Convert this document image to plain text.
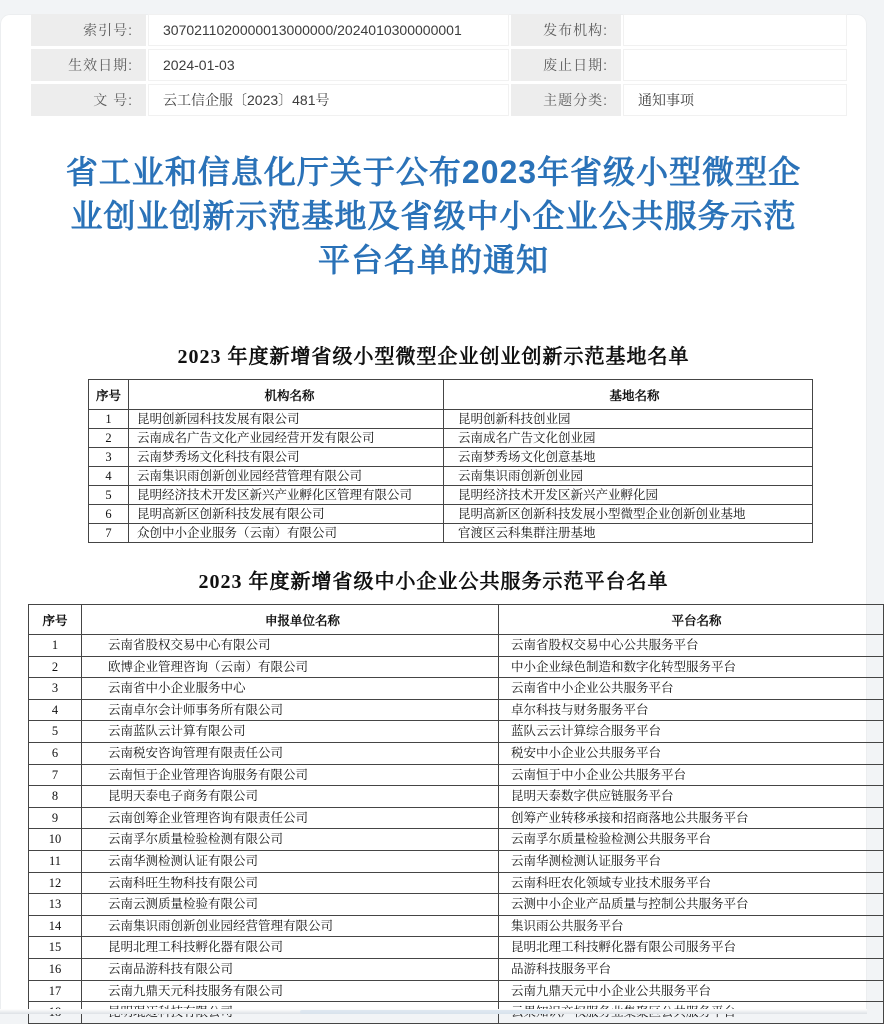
索引号:	3070211020000013000000/2024010300000001	发布机构:
生效日期:	2024-01-03	废止日期:
文 号:	云工信企服〔2023〕481号	主题分类:	通知事项
省工业和信息化厅关于公布2023年省级小型微型企
业创业创新示范基地及省级中小企业公共服务示范
平台名单的通知
2023 年度新增省级小型微型企业创业创新示范基地名单
序号	机构名称	基地名称
1	昆明创新园科技发展有限公司	昆明创新科技创业园
2	云南成名广告文化产业园经营开发有限公司	云南成名广告文化创业园
3	云南梦秀场文化科技有限公司	云南梦秀场文化创意基地
4	云南集识雨创新创业园经营管理有限公司	云南集识雨创新创业园
5	昆明经济技术开发区新兴产业孵化区管理有限公司	昆明经济技术开发区新兴产业孵化园
6	昆明高新区创新科技发展有限公司	昆明高新区创新科技发展小型微型企业创新创业基地
7	众创中小企业服务（云南）有限公司	官渡区云科集群注册基地
2023 年度新增省级中小企业公共服务示范平台名单
序号	申报单位名称	平台名称
1	云南省股权交易中心有限公司	云南省股权交易中心公共服务平台
2	欧博企业管理咨询（云南）有限公司	中小企业绿色制造和数字化转型服务平台
3	云南省中小企业服务中心	云南省中小企业公共服务平台
4	云南卓尔会计师事务所有限公司	卓尔科技与财务服务平台
5	云南蓝队云计算有限公司	蓝队云云计算综合服务平台
6	云南税安咨询管理有限责任公司	税安中小企业公共服务平台
7	云南恒于企业管理咨询服务有限公司	云南恒于中小企业公共服务平台
8	昆明天泰电子商务有限公司	昆明天泰数字供应链服务平台
9	云南创筹企业管理咨询有限责任公司	创筹产业转移承接和招商落地公共服务平台
10	云南孚尔质量检验检测有限公司	云南孚尔质量检验检测公共服务平台
11	云南华测检测认证有限公司	云南华测检测认证服务平台
12	云南科旺生物科技有限公司	云南科旺农化领域专业技术服务平台
13	云南云测质量检验有限公司	云测中小企业产品质量与控制公共服务平台
14	云南集识雨创新创业园经营管理有限公司	集识雨公共服务平台
15	昆明北理工科技孵化器有限公司	昆明北理工科技孵化器有限公司服务平台
16	云南品游科技有限公司	品游科技服务平台
17	云南九鼎天元科技服务有限公司	云南九鼎天元中小企业公共服务平台
